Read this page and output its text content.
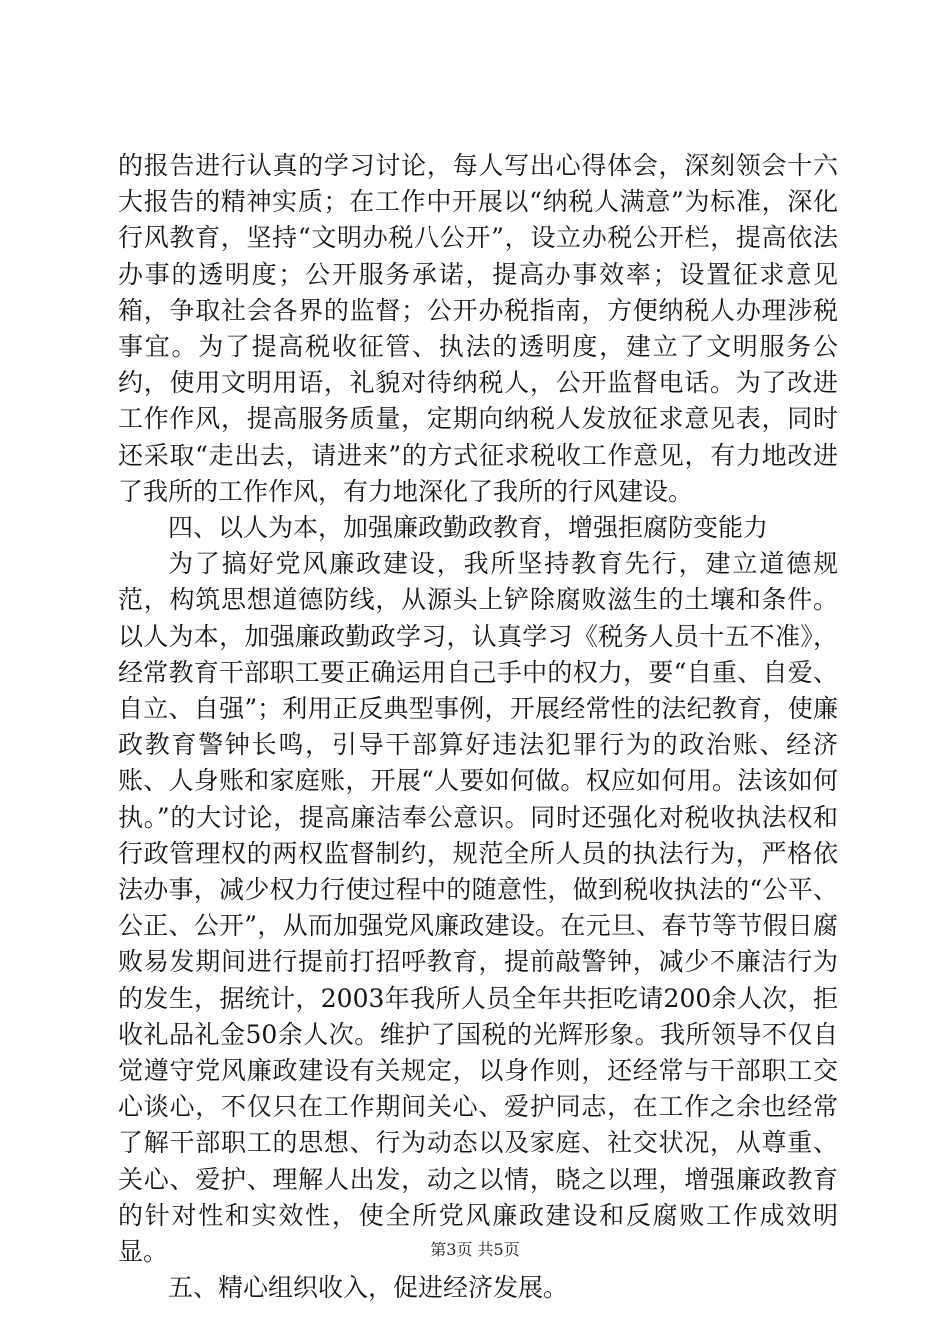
的报告进行认真的学习讨论，每人写出心得体会，深刻领会十六大报告的精神实质；在工作中开展以“纳税人满意”为标准，深化行风教育，坚持“文明办税八公开”，设立办税公开栏，提高依法办事的透明度；公开服务承诺，提高办事效率；设置征求意见箱，争取社会各界的监督；公开办税指南，方便纳税人办理涉税事宜。为了提高税收征管、执法的透明度，建立了文明服务公约，使用文明用语，礼貌对待纳税人，公开监督电话。为了改进工作作风，提高服务质量，定期向纳税人发放征求意见表，同时还采取“走出去，请进来”的方式征求税收工作意见，有力地改进了我所的工作作风，有力地深化了我所的行风建设。

四、以人为本，加强廉政勤政教育，增强拒腐防变能力

为了搞好党风廉政建设，我所坚持教育先行，建立道德规范，构筑思想道德防线，从源头上铲除腐败滋生的土壤和条件。以人为本，加强廉政勤政学习，认真学习《税务人员十五不准》，经常教育干部职工要正确运用自己手中的权力，要“自重、自爱、自立、自强”；利用正反典型事例，开展经常性的法纪教育，使廉政教育警钟长鸣，引导干部算好违法犯罪行为的政治账、经济账、人身账和家庭账，开展“人要如何做。权应如何用。法该如何执。”的大讨论，提高廉洁奉公意识。同时还强化对税收执法权和行政管理权的两权监督制约，规范全所人员的执法行为，严格依法办事，减少权力行使过程中的随意性，做到税收执法的“公平、公正、公开”，从而加强党风廉政建设。在元旦、春节等节假日腐败易发期间进行提前打招呼教育，提前敲警钟，减少不廉洁行为的发生，据统计，2003年我所人员全年共拒吃请200余人次，拒收礼品礼金50余人次。维护了国税的光辉形象。我所领导不仅自觉遵守党风廉政建设有关规定，以身作则，还经常与干部职工交心谈心，不仅只在工作期间关心、爱护同志，在工作之余也经常了解干部职工的思想、行为动态以及家庭、社交状况，从尊重、关心、爱护、理解人出发，动之以情，晓之以理，增强廉政教育的针对性和实效性，使全所党风廉政建设和反腐败工作成效明显。

五、精心组织收入，促进经济发展。

第3页 共5页
